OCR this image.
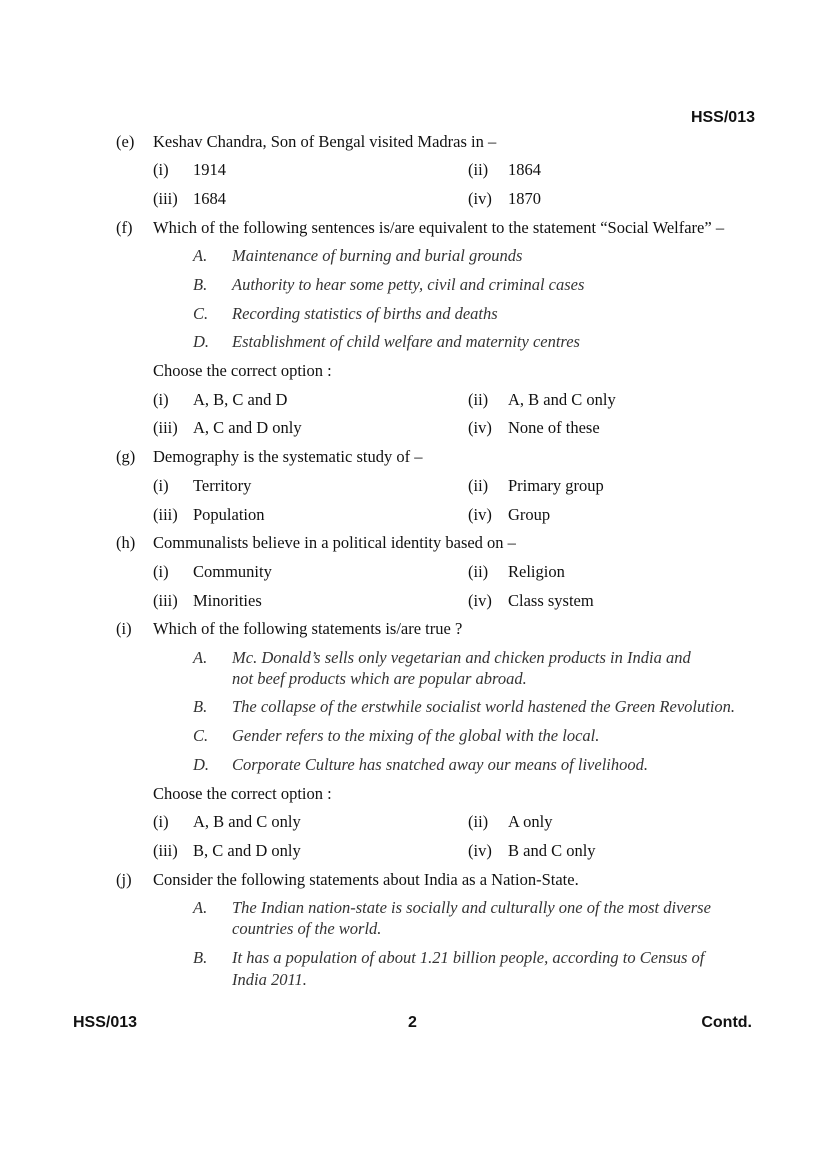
HSS/013
(e)	Keshav Chandra, Son of Bengal visited Madras in –
(i) 1914	(ii) 1864
(iii) 1684	(iv) 1870
(f)	Which of the following sentences is/are equivalent to the statement “Social Welfare” –
A.	Maintenance of burning and burial grounds
B.	Authority to hear some petty, civil and criminal cases
C.	Recording statistics of births and deaths
D.	Establishment of child welfare and maternity centres
Choose the correct option :
(i) A, B, C and D	(ii) A, B and C only
(iii) A, C and D only	(iv) None of these
(g)	Demography is the systematic study of –
(i) Territory	(ii) Primary group
(iii) Population	(iv) Group
(h)	Communalists believe in a political identity based on –
(i) Community	(ii) Religion
(iii) Minorities	(iv) Class system
(i)	Which of the following statements is/are true ?
A.	Mc. Donald’s sells only vegetarian and chicken products in India and
not beef products which are popular abroad.
B.	The collapse of the erstwhile socialist world hastened the Green Revolution.
C.	Gender refers to the mixing of the global with the local.
D.	Corporate Culture has snatched away our means of livelihood.
Choose the correct option :
(i) A, B and C only	(ii) A only
(iii) B, C and D only	(iv) B and C only
(j)	Consider the following statements about India as a Nation-State.
A.	The Indian nation-state is socially and culturally one of the most diverse
countries of the world.
B.	It has a population of about 1.21 billion people, according to Census of
India 2011.
HSS/013	2	Contd.
